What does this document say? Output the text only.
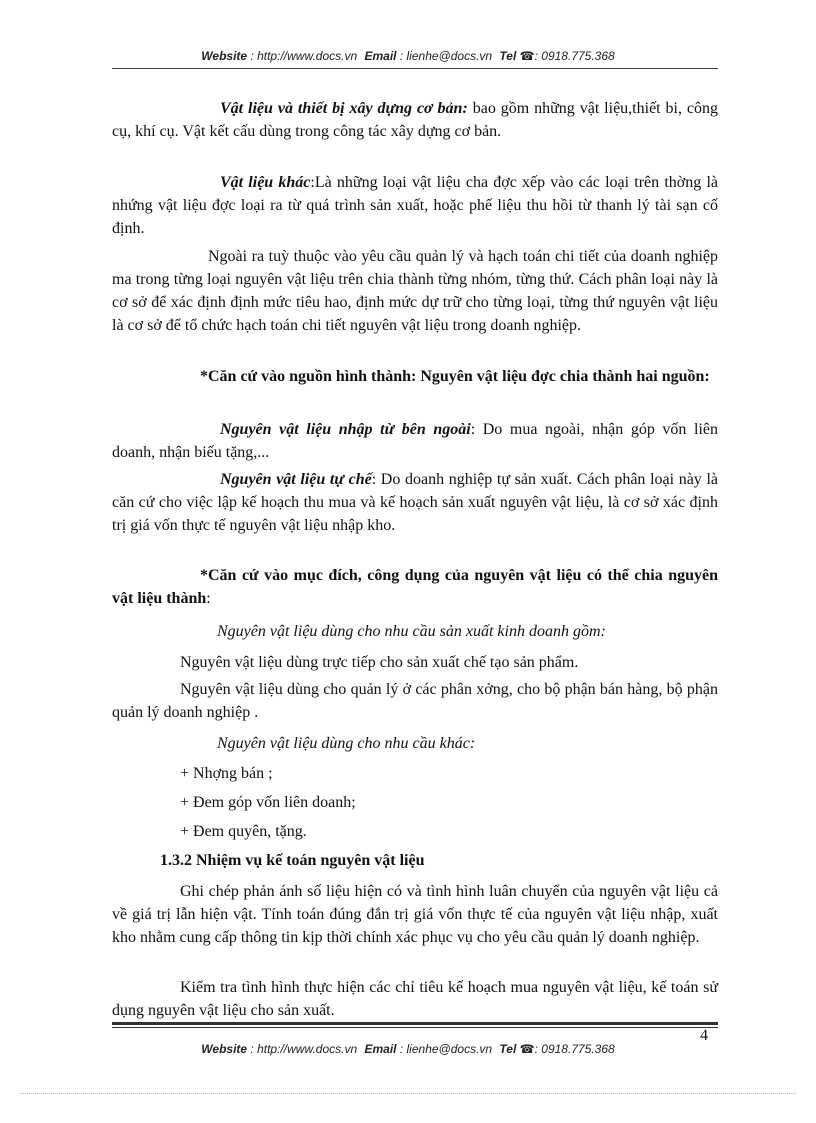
Website : http://www.docs.vn Email : lienhe@docs.vn Tel ☎: 0918.775.368

Vật liệu và thiết bị xây dựng cơ bản: bao gồm những vật liệu,thiết bi, công cụ, khí cụ. Vật kết cấu dùng trong công tác xây dựng cơ bản.

Vật liệu khác:Là những loại vật liệu cha đợc xếp vào các loại trên thờng là nhứng vật liệu đợc loại ra từ quá trình sản xuất, hoặc phế liệu thu hồi từ thanh lý tài sạn cố định.

Ngoài ra tuỳ thuộc vào yêu cầu quản lý và hạch toán chi tiết của doanh nghiệp ma trong từng loại nguyên vật liệu trên chia thành từng nhóm, từng thứ. Cách phân loại này là cơ sở để xác định định mức tiêu hao, định mức dự trữ cho từng loại, từng thứ nguyên vật liệu là cơ sở để tổ chức hạch toán chi tiết nguyên vật liệu trong doanh nghiệp.

*Căn cứ vào nguồn hình thành: Nguyên vật liệu đợc chia thành hai nguồn:

Nguyên vật liệu nhập từ bên ngoài: Do mua ngoài, nhận góp vốn liên doanh, nhận biếu tặng,...

Nguyên vật liệu tự chế: Do doanh nghiệp tự sản xuất. Cách phân loại này là căn cứ cho việc lập kế hoạch thu mua và kế hoạch sản xuất nguyên vật liệu, là cơ sở xác định trị giá vốn thực tế nguyên vật liệu nhập kho.

*Căn cứ vào mục đích, công dụng của nguyên vật liệu có thể chia nguyên vật liệu thành:

Nguyên vật liệu dùng cho nhu cầu sản xuất kinh doanh gồm:

Nguyên vật liệu dùng trực tiếp cho sản xuất chế tạo sản phẩm.

Nguyên vật liệu dùng cho quản lý ở các phân xởng, cho bộ phận bán hàng, bộ phận quản lý doanh nghiệp .

Nguyên vật liệu dùng cho nhu cầu khác:

+ Nhợng bán ;

+ Đem góp vốn liên doanh;

+ Đem quyên, tặng.

1.3.2 Nhiệm vụ kế toán nguyên vật liệu

Ghi chép phản ánh số liệu hiện có và tình hình luân chuyển của nguyên vật liệu cả về giá trị lẫn hiện vật. Tính toán đúng đắn trị giá vốn thực tế của nguyên vật liệu nhập, xuất kho nhằm cung cấp thông tin kịp thời chính xác phục vụ cho yêu cầu quản lý doanh nghiệp.

Kiểm tra tình hình thực hiện các chỉ tiêu kế hoạch mua nguyên vật liệu, kế toán sử dụng nguyên vật liệu cho sản xuất.

4
Website : http://www.docs.vn Email : lienhe@docs.vn Tel ☎: 0918.775.368
